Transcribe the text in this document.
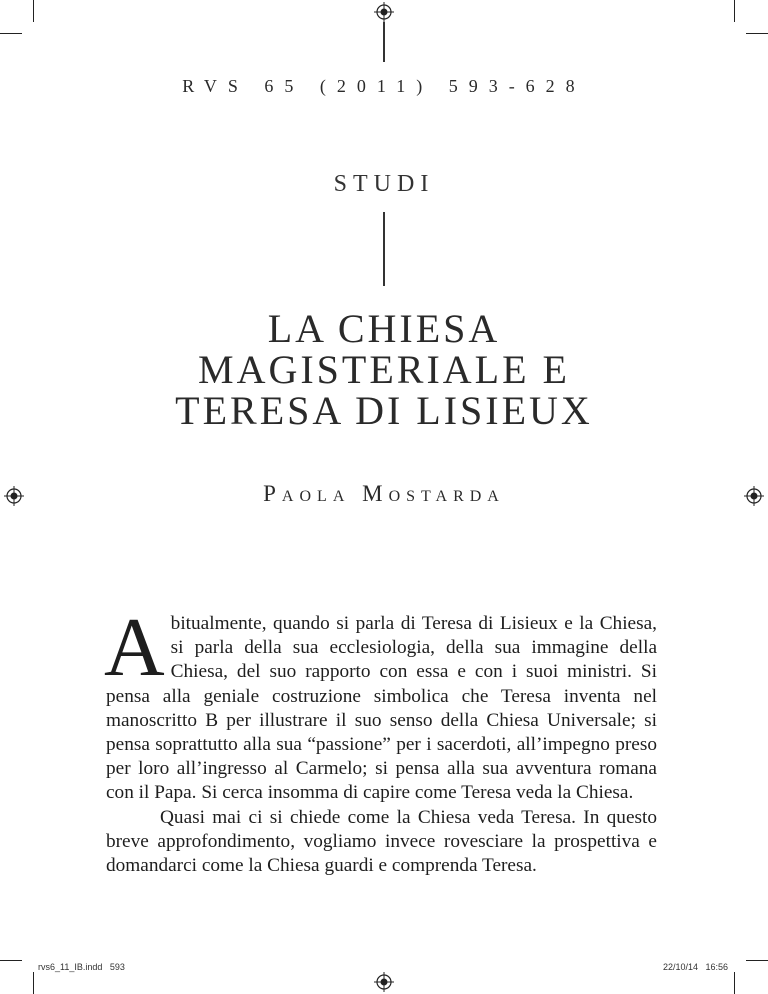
RVS 65 (2011) 593-628
STUDI
LA CHIESA
MAGISTERIALE E
TERESA DI LISIEUX
Paola Mostarda

Abitualmente, quando si parla di Teresa di Lisieux e la Chiesa, si parla della sua ecclesiologia, della sua immagine della Chiesa, del suo rapporto con essa e con i suoi ministri. Si pensa alla geniale costruzione simbolica che Teresa inventa nel manoscritto B per illustrare il suo senso della Chiesa Universale; si pensa soprattutto alla sua “passione” per i sacerdoti, all’impegno preso per loro all’ingresso al Carmelo; si pensa alla sua avventura romana con il Papa. Si cerca insomma di capire come Teresa veda la Chiesa.

Quasi mai ci si chiede come la Chiesa veda Teresa. In questo breve approfondimento, vogliamo invece rovesciare la prospettiva e domandarci come la Chiesa guardi e comprenda Teresa.

rvs6_11_IB.indd   593	22/10/14   16:56
